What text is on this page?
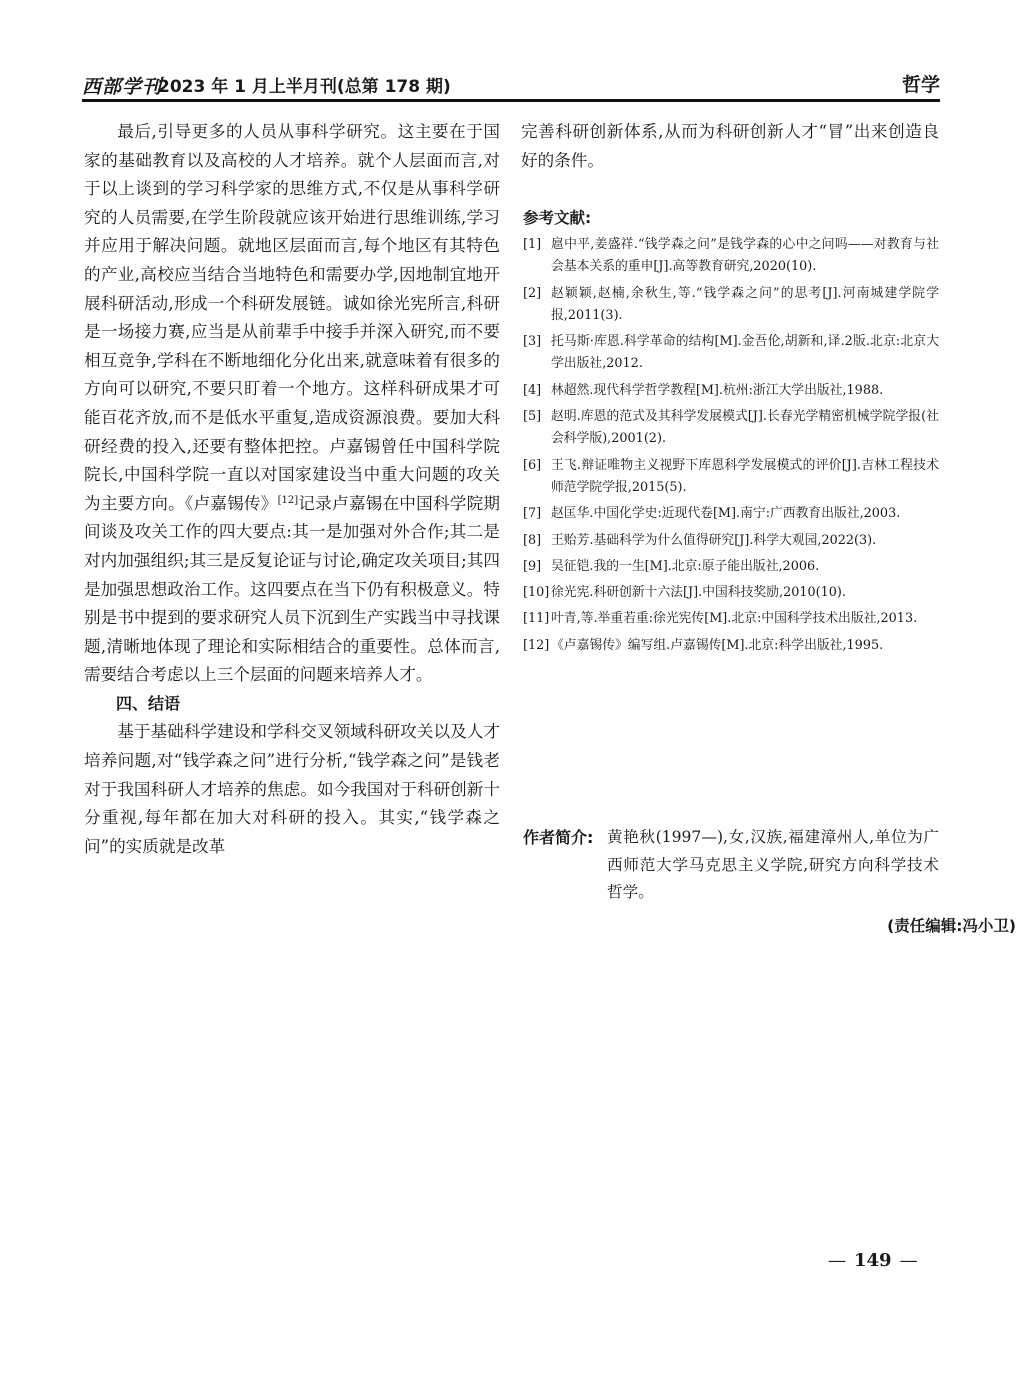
西部学刊
2023 年 1 月上半月刊(总第 178 期)	哲学

最后,引导更多的人员从事科学研究。这主要在于国家的基础教育以及高校的人才培养。就个人层面而言,对于以上谈到的学习科学家的思维方式,不仅是从事科学研究的人员需要,在学生阶段就应该开始进行思维训练,学习并应用于解决问题。就地区层面而言,每个地区有其特色的产业,高校应当结合当地特色和需要办学,因地制宜地开展科研活动,形成一个科研发展链。诚如徐光宪所言,科研是一场接力赛,应当是从前辈手中接手并深入研究,而不要相互竞争,学科在不断地细化分化出来,就意味着有很多的方向可以研究,不要只盯着一个地方。这样科研成果才可能百花齐放,而不是低水平重复,造成资源浪费。要加大科研经费的投入,还要有整体把控。卢嘉锡曾任中国科学院院长,中国科学院一直以对国家建设当中重大问题的攻关为主要方向。《卢嘉锡传》[12]记录卢嘉锡在中国科学院期间谈及攻关工作的四大要点:其一是加强对外合作;其二是对内加强组织;其三是反复论证与讨论,确定攻关项目;其四是加强思想政治工作。这四要点在当下仍有积极意义。特别是书中提到的要求研究人员下沉到生产实践当中寻找课题,清晰地体现了理论和实际相结合的重要性。总体而言,需要结合考虑以上三个层面的问题来培养人才。

四、结语

基于基础科学建设和学科交叉领域科研攻关以及人才培养问题,对“钱学森之问”进行分析,“钱学森之问”是钱老对于我国科研人才培养的焦虑。如今我国对于科研创新十分重视,每年都在加大对科研的投入。其实,“钱学森之问”的实质就是改革

完善科研创新体系,从而为科研创新人才“冒”出来创造良好的条件。

参考文献:
[1] 扈中平,姜盛祥.“钱学森之问”是钱学森的心中之问吗——对教育与社会基本关系的重申[J].高等教育研究,2020(10).
[2] 赵颖颖,赵楠,余秋生,等.“钱学森之问”的思考[J].河南城建学院学报,2011(3).
[3] 托马斯·库恩.科学革命的结构[M].金吾伦,胡新和,译.2版.北京:北京大学出版社,2012.
[4] 林超然.现代科学哲学教程[M].杭州:浙江大学出版社,1988.
[5] 赵明.库恩的范式及其科学发展模式[J].长春光学精密机械学院学报(社会科学版),2001(2).
[6] 王飞.辩证唯物主义视野下库恩科学发展模式的评价[J].吉林工程技术师范学院学报,2015(5).
[7] 赵匡华.中国化学史:近现代卷[M].南宁:广西教育出版社,2003.
[8] 王贻芳.基础科学为什么值得研究[J].科学大观园,2022(3).
[9] 吴征铠.我的一生[M].北京:原子能出版社,2006.
[10] 徐光宪.科研创新十六法[J].中国科技奖励,2010(10).
[11] 叶青,等.举重若重:徐光宪传[M].北京:中国科学技术出版社,2013.
[12] 《卢嘉锡传》编写组.卢嘉锡传[M].北京:科学出版社,1995.
作者简介: 黄艳秋(1997—),女,汉族,福建漳州人,单位为广西师范大学马克思主义学院,研究方向科学技术哲学。
(责任编辑:冯小卫)
— 149 —
